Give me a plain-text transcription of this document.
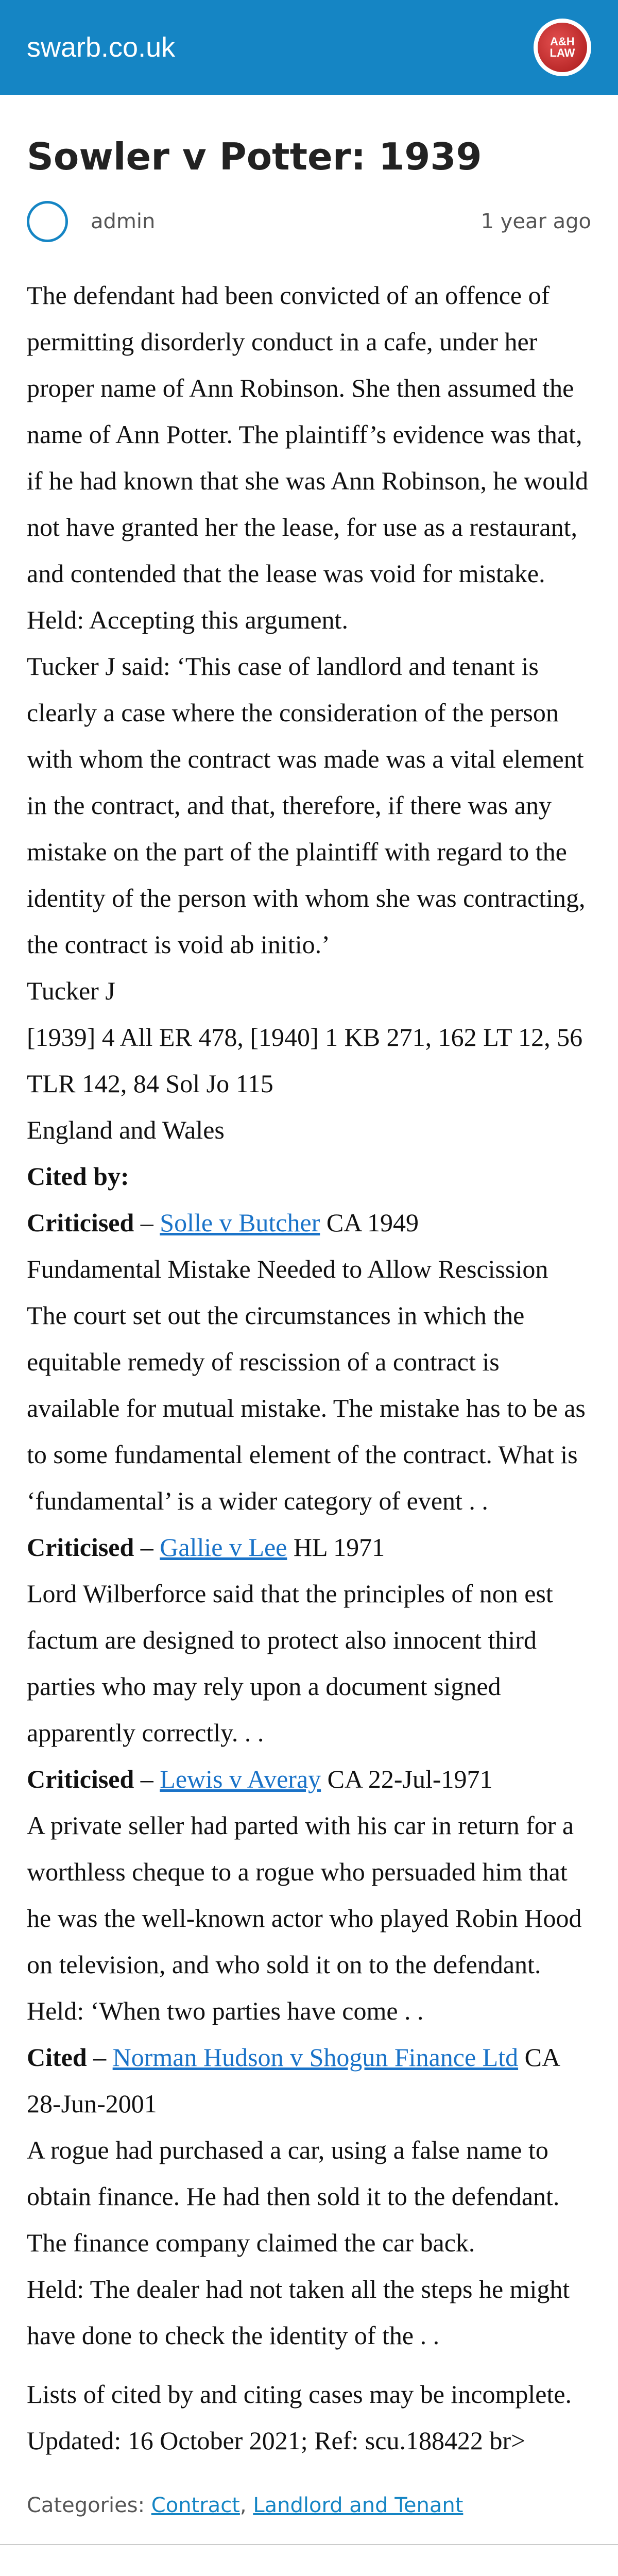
swarb.co.uk	A&H LAW
Sowler v Potter: 1939
admin	1 year ago

The defendant had been convicted of an offence of permitting disorderly conduct in a cafe, under her proper name of Ann Robinson. She then assumed the name of Ann Potter. The plaintiff’s evidence was that, if he had known that she was Ann Robinson, he would not have granted her the lease, for use as a restaurant, and contended that the lease was void for mistake.

Held: Accepting this argument.

Tucker J said: ‘This case of landlord and tenant is clearly a case where the consideration of the person with whom the contract was made was a vital element in the contract, and that, therefore, if there was any mistake on the part of the plaintiff with regard to the identity of the person with whom she was contracting, the contract is void ab initio.’

Tucker J

[1939] 4 All ER 478, [1940] 1 KB 271, 162 LT 12, 56 TLR 142, 84 Sol Jo 115

England and Wales

Cited by:

Criticised – Solle v Butcher CA 1949

Fundamental Mistake Needed to Allow Rescission

The court set out the circumstances in which the equitable remedy of rescission of a contract is available for mutual mistake. The mistake has to be as to some fundamental element of the contract. What is ‘fundamental’ is a wider category of event . .

Criticised – Gallie v Lee HL 1971

Lord Wilberforce said that the principles of non est factum are designed to protect also innocent third parties who may rely upon a document signed apparently correctly. . .

Criticised – Lewis v Averay CA 22-Jul-1971

A private seller had parted with his car in return for a worthless cheque to a rogue who persuaded him that he was the well-known actor who played Robin Hood on television, and who sold it on to the defendant.

Held: ‘When two parties have come . .

Cited – Norman Hudson v Shogun Finance Ltd CA 28-Jun-2001

A rogue had purchased a car, using a false name to obtain finance. He had then sold it to the defendant. The finance company claimed the car back.

Held: The dealer had not taken all the steps he might have done to check the identity of the . .

Lists of cited by and citing cases may be incomplete.

Updated: 16 October 2021; Ref: scu.188422 br>

Categories: Contract, Landlord and Tenant
